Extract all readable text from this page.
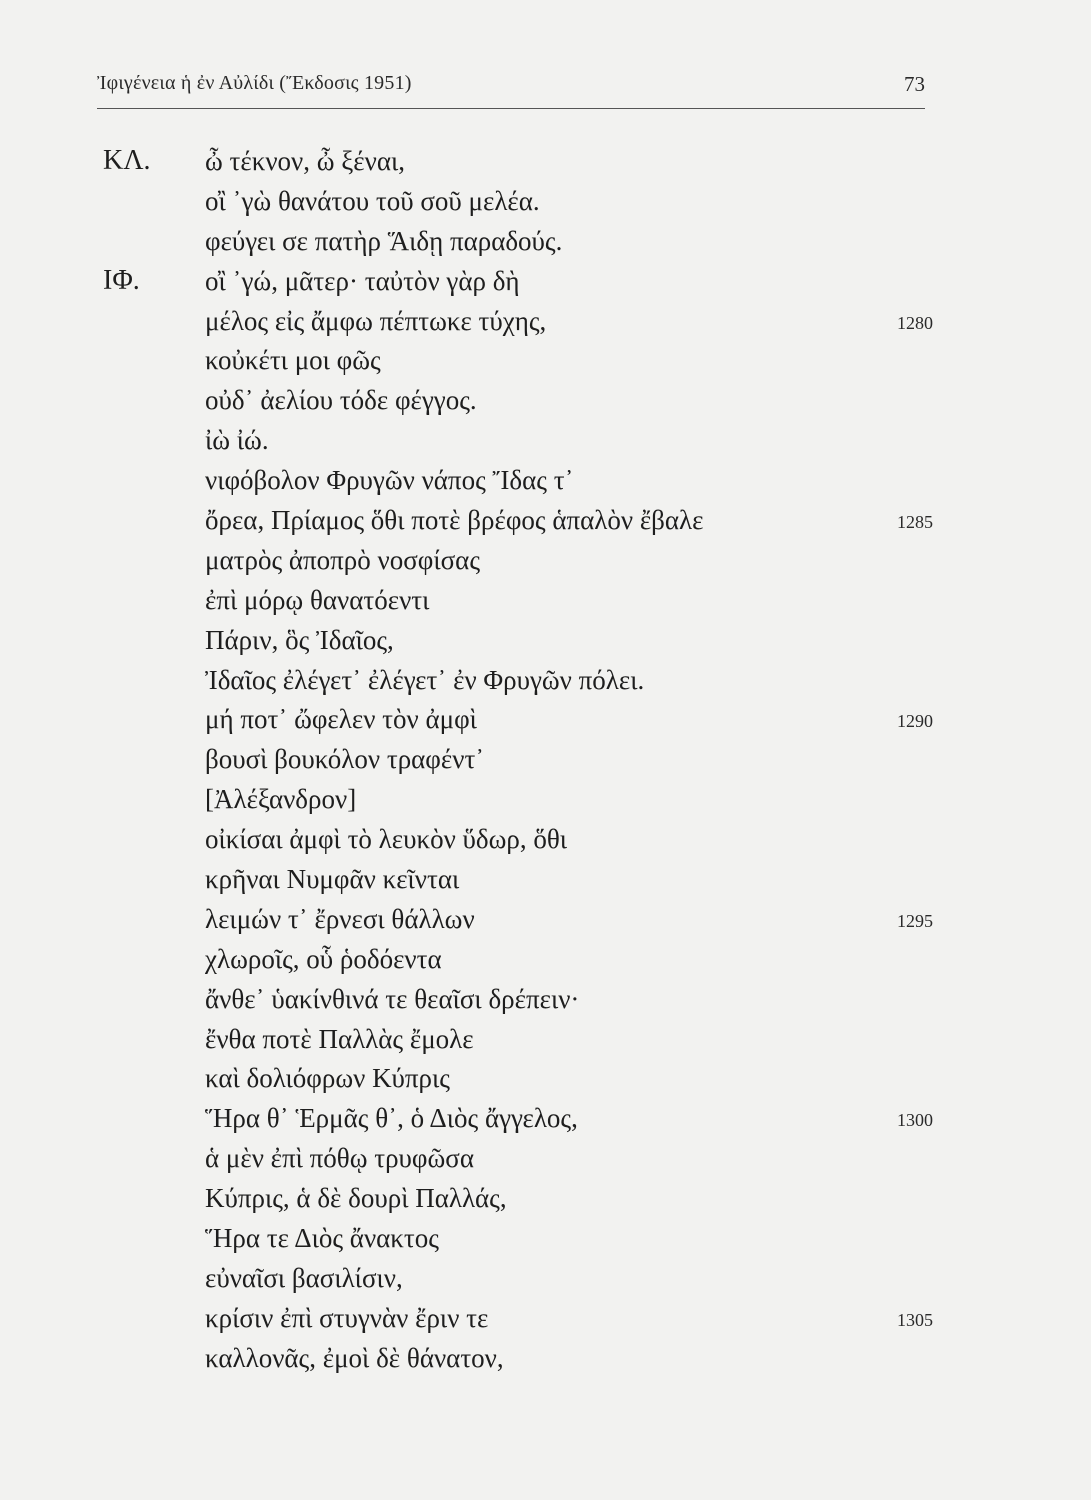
Ἰφιγένεια ἡ ἐν Αὐλίδι (Ἔκδοσις 1951)	73
ΚΛ. ὦ τέκνον, ὦ ξέναι,
οἲ ᾿γὼ θανάτου τοῦ σοῦ μελέα.
φεύγει σε πατὴρ Ἅιδῃ παραδούς.
ΙΦ. οἲ ᾿γώ, μᾶτερ· ταὐτὸν γὰρ δὴ
μέλος εἰς ἄμφω πέπτωκε τύχης,	1280
κοὐκέτι μοι φῶς
οὐδ᾿ ἀελίου τόδε φέγγος.
ἰὼ ἰώ.
νιφόβολον Φρυγῶν νάπος Ἴδας τ᾿
ὄρεα, Πρίαμος ὅθι ποτὲ βρέφος ἁπαλὸν ἔβαλε	1285
ματρὸς ἀποπρὸ νοσφίσας
ἐπὶ μόρῳ θανατόεντι
Πάριν, ὃς Ἰδαῖος,
Ἰδαῖος ἐλέγετ᾿ ἐλέγετ᾿ ἐν Φρυγῶν πόλει.
μή ποτ᾿ ὤφελεν τὸν ἀμφὶ	1290
βουσὶ βουκόλον τραφέντ᾿
[Ἀλέξανδρον]
οἰκίσαι ἀμφὶ τὸ λευκὸν ὕδωρ, ὅθι
κρῆναι Νυμφᾶν κεῖνται
λειμών τ᾿ ἔρνεσι θάλλων	1295
χλωροῖς, οὗ ῥοδόεντα
ἄνθε᾿ ὑακίνθινά τε θεαῖσι δρέπειν·
ἔνθα ποτὲ Παλλὰς ἔμολε
καὶ δολιόφρων Κύπρις
Ἥρα θ᾿ Ἑρμᾶς θ᾿, ὁ Διὸς ἄγγελος,	1300
ἁ μὲν ἐπὶ πόθῳ τρυφῶσα
Κύπρις, ἁ δὲ δουρὶ Παλλάς,
Ἥρα τε Διὸς ἄνακτος
εὐναῖσι βασιλίσιν,
κρίσιν ἐπὶ στυγνὰν ἔριν τε	1305
καλλονᾶς, ἐμοὶ δὲ θάνατον,
